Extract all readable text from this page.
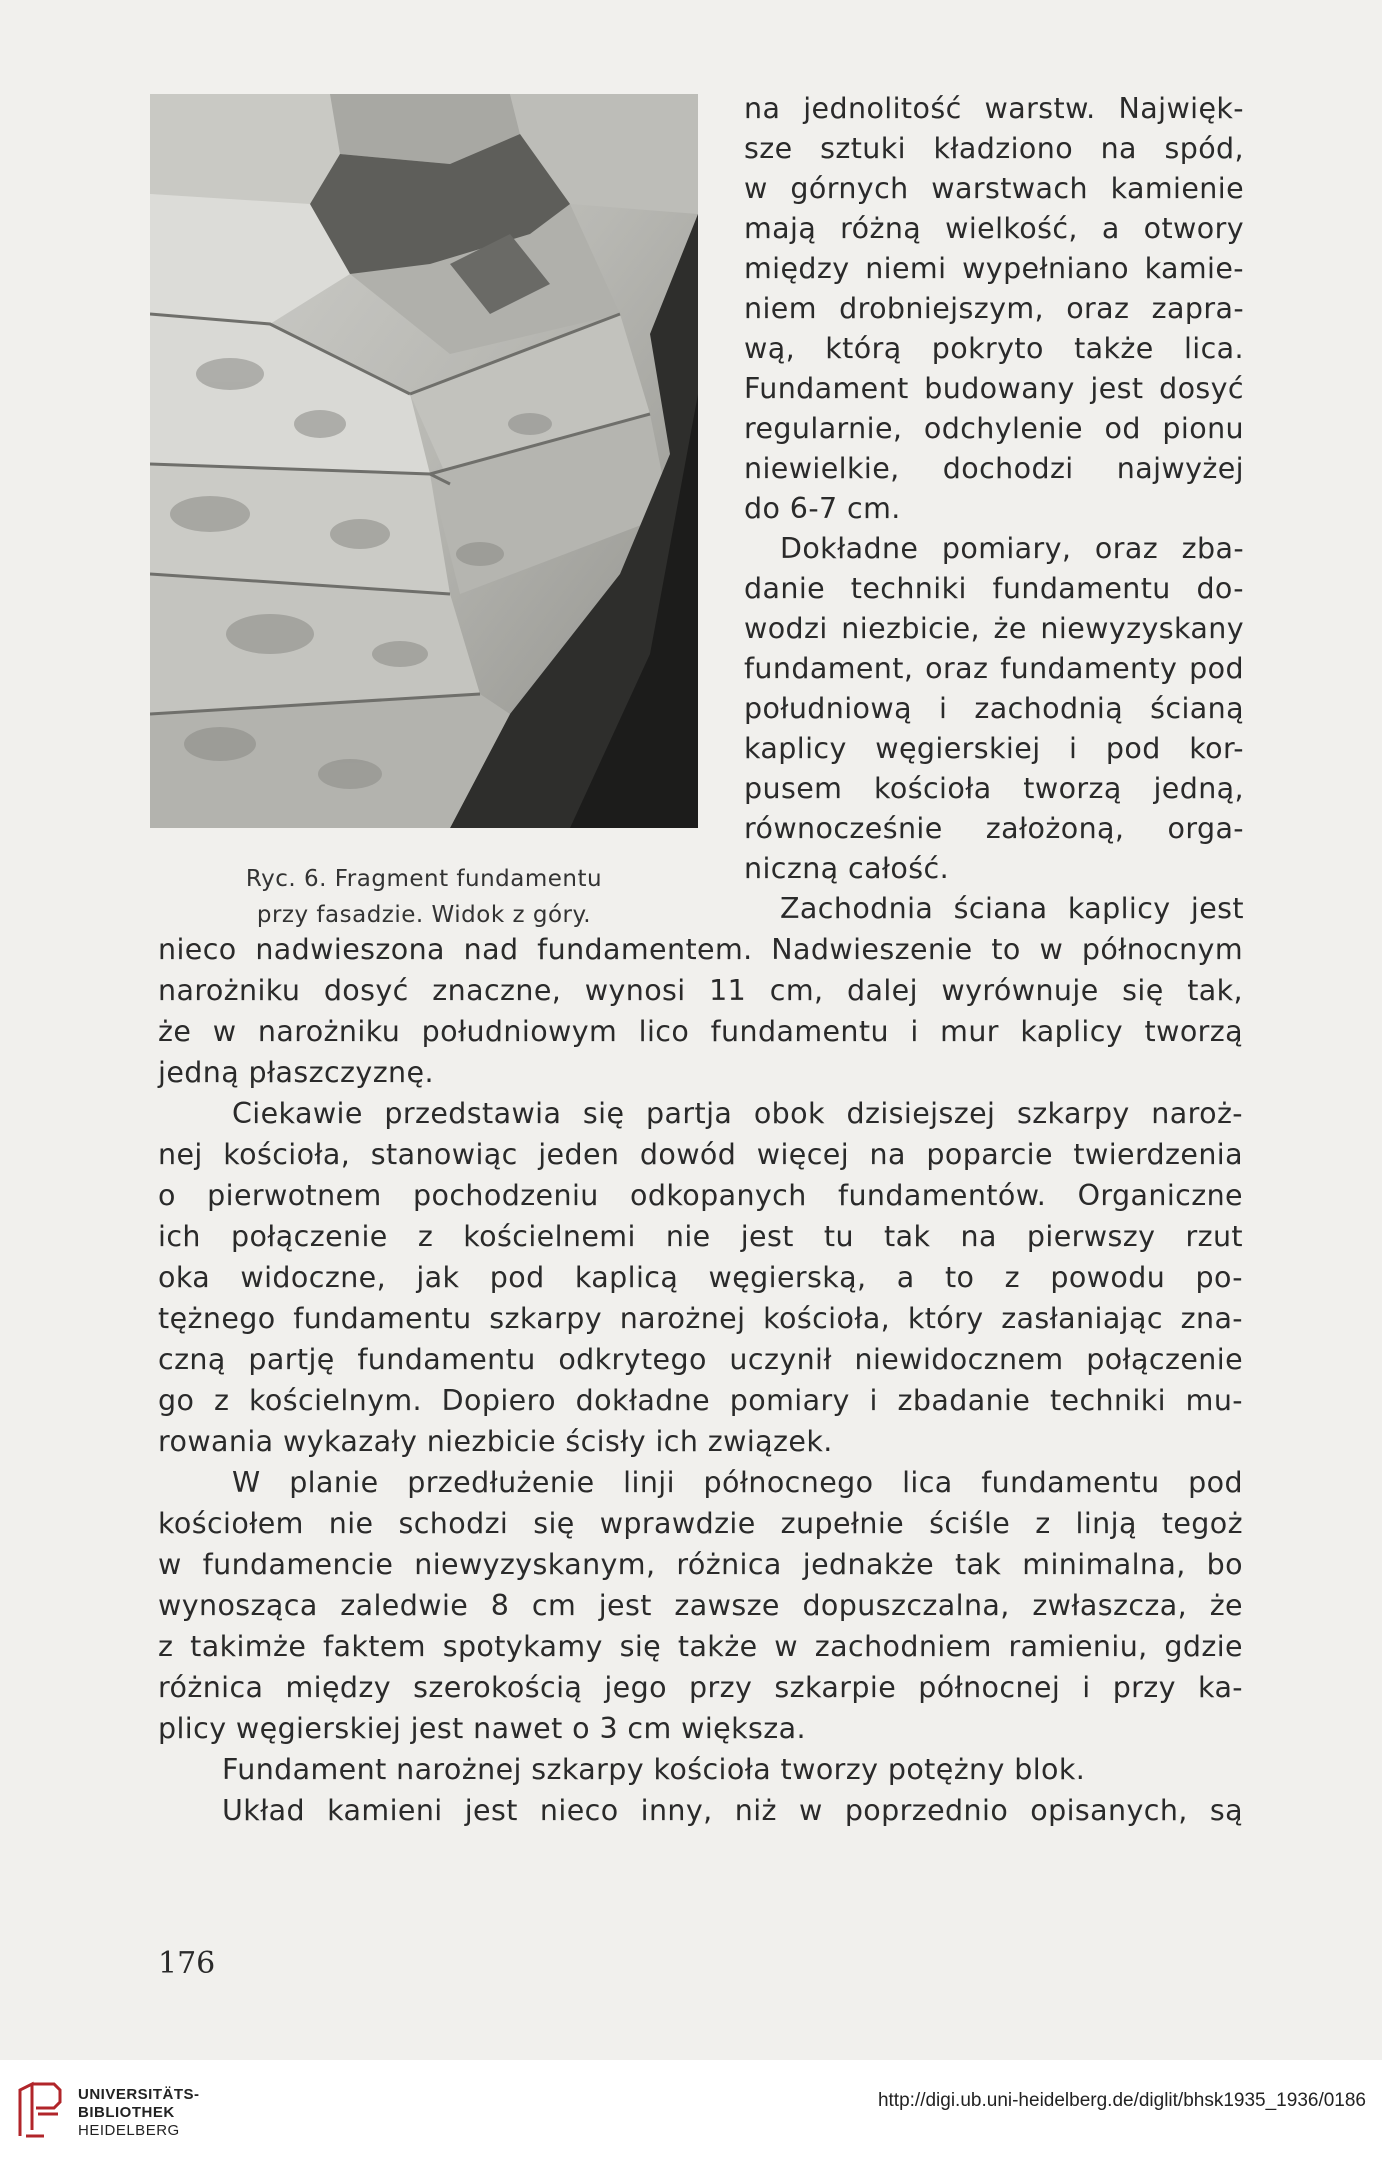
Ryc. 6. Fragment fundamentu
przy fasadzie. Widok z góry.
na jednolitość warstw. Najwięk-
sze sztuki kładziono na spód,
w górnych warstwach kamienie
mają różną wielkość, a otwory
między niemi wypełniano kamie-
niem drobniejszym, oraz zapra-
wą, którą pokryto także lica.
Fundament budowany jest dosyć
regularnie, odchylenie od pionu
niewielkie, dochodzi najwyżej
do 6-7 cm.
Dokładne pomiary, oraz zba-
danie techniki fundamentu do-
wodzi niezbicie, że niewyzyskany
fundament, oraz fundamenty pod
południową i zachodnią ścianą
kaplicy węgierskiej i pod kor-
pusem kościoła tworzą jedną,
równocześnie założoną, orga-
niczną całość.
Zachodnia ściana kaplicy jest
nieco nadwieszona nad fundamentem. Nadwieszenie to w północnym
narożniku dosyć znaczne, wynosi 11 cm, dalej wyrównuje się tak,
że w narożniku południowym lico fundamentu i mur kaplicy tworzą
jedną płaszczyznę.
Ciekawie przedstawia się partja obok dzisiejszej szkarpy naroż-
nej kościoła, stanowiąc jeden dowód więcej na poparcie twierdzenia
o pierwotnem pochodzeniu odkopanych fundamentów. Organiczne
ich połączenie z kościelnemi nie jest tu tak na pierwszy rzut
oka widoczne, jak pod kaplicą węgierską, a to z powodu po-
tężnego fundamentu szkarpy narożnej kościoła, który zasłaniając zna-
czną partję fundamentu odkrytego uczynił niewidocznem połączenie
go z kościelnym. Dopiero dokładne pomiary i zbadanie techniki mu-
rowania wykazały niezbicie ścisły ich związek.
W planie przedłużenie linji północnego lica fundamentu pod
kościołem nie schodzi się wprawdzie zupełnie ściśle z linją tegoż
w fundamencie niewyzyskanym, różnica jednakże tak minimalna, bo
wynosząca zaledwie 8 cm jest zawsze dopuszczalna, zwłaszcza, że
z takimże faktem spotykamy się także w zachodniem ramieniu, gdzie
różnica między szerokością jego przy szkarpie północnej i przy ka-
plicy węgierskiej jest nawet o 3 cm większa.
Fundament narożnej szkarpy kościoła tworzy potężny blok.
Układ kamieni jest nieco inny, niż w poprzednio opisanych, są
176
UNIVERSITÄTS-
BIBLIOTHEK
HEIDELBERG
http://digi.ub.uni-heidelberg.de/diglit/bhsk1935_1936/0186
